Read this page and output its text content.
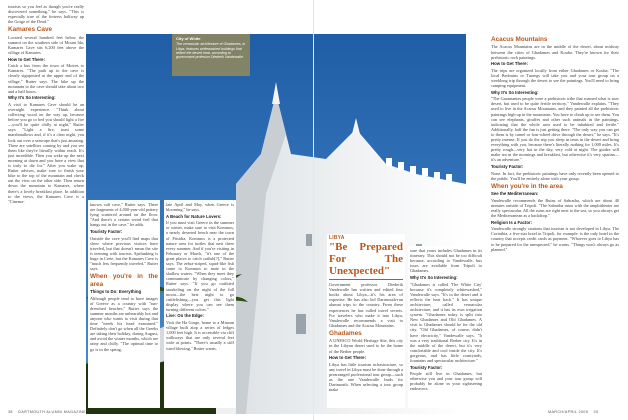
tourists so you feel as though you're really discovered something," he says. "This is especially true of the fortress halfway up the Gorge of the Dead."

Kamares Cave

Located several hundred feet below the summit on the southern side of Mount Ida, Kamares Cave sits 6,200 feet above the village of Kamares.

How to Get There:

Catch a bus from the town of Moires to Kamares. "The path up to the cave is clearly signposted at the upper end of the village," Rutter says. The hike up the mountain to the cave should take about two and a half hours.

Why It's So Interesting:

A visit to Kamares Cave should be an overnight experience. "Think about collecting wood on the way up, because before you go to bed you should light a fire—you'll be quite chilly at night," Rutter says. "Light a fire, toast some marshmallows and, if it's a clear night, you look out over a seascape that's just amazing. There are satellites coming by and you see them like they're literally within reach. It's just incredible. Then you wake up the next morning at dawn and you have a view that is truly to die for." After you wake up, Rutter advises, make sure to finish your hike to the top of the mountain and check out the view on the other side. Then return down the mountain to Kamares, where there's a lovely breakfast place. In addition to the views, the Kamares Cave is a "Cinema-

City of White
The vernacular architecture of Ghadames, in Libya, features whitewashed buildings that reflect the desert heat, according to government professor Diederik Vandewalle.
Crete, Greece

known cult cave," Rutter says. There are fragments of 4,000-year-old pottery lying scattered around on the floor. "And there's a certain weird feel that hangs out in the cave," he adds.

Touristy Factor:

Outside the cave you'll find maps that show where previous visitors have traveled, but that doesn't mean the site is teeming with tourists. Spelunking is huge in Crete, but the Kamares Cave is "much less frequently traveled," Rutter says.

When you're in the area

Things to Do: Everything

Although people tend to have images of Greece as a country with "sun-drenched beaches," Rutter says the summer months are unbearably hot and anyone who wants to visit during that time "needs his head examined." Definitely don't go when all the Greeks are taking their holiday, during August, and avoid the winter months, which are rainy and chilly. "The optimal time to go is in the spring,

late April and May, when Greece is blooming," he says.

A Beach for Nature Lovers:

If you must visit Greece in the summer or winter, make sure to visit Kommos, a nearly deserted beach near the town of Pitsidia. Kommos is a protected nature area for turtles that nest there every summer. And if you're visiting in February or March, "it's one of the great places to catch catfish[?]," Rutter says. The zebra-striped, squid-like fish come to Kommos to mate in the shallow waters. "When they meet they communicate by changing colors," Rutter says. "If you go outfitted snorkeling on the night of the full moon—the best night to go cuttlefishing—you get this light display where you can see them turning different colors."

Live: On the Edge:

Visit the Ha Gorge, home to a Minoan village built atop a series of ledges 1,000 feet high. It is accessible via cliff walkways that are only several feet wide at points. "There's usually a stiff wind blowing," Rutter warns.

LIBYA
"Be Prepared For The Unexpected"

Government professor Diederik Vandewalle has written and edited four books about Libya—it's his area of expertise. He has also led Dartmouth-run alumni trips to the country. From these experiences he has culled travel secrets. For travelers who make it into Libya, Vandewalle recommends a visit to Ghadames and the Acacus Mountains.

Ghadames

A UNESCO World Heritage Site, this city in the Libyan desert used to be the home of the Berber people.

How to Get There:

Libya has little tourism infrastructure, so any travel in Libya must be done through a prearranged professional tour group—such as the one Vandewalle leads for Dartmouth. When selecting a tour group make

sure that yours includes Ghadames in its itinerary. This should not be too difficult because, according to Vandewalle, bus tours are available from Tripoli to Ghadames.

Why It's So Interesting:

"Ghadames is called 'The White City' because it's completely whitewashed," Vandewalle says. "It's in the desert and it reflects the heat back." It has unique architecture, called vernacular architecture, and it has its own irrigation system. "Ghadames today is split into New Ghadames and Old Ghadames. A visit to Ghadames should be for the old city. "Old Ghadames, of course, didn't have electricity," Vandewalle says. "It was a very traditional Berber city. It's in the middle of the desert, but it's very comfortable and cool inside the city. It's gorgeous, and has little courtyards, fountains and spectacular architecture."

Touristy Factor:

People still live in Ghadames, but otherwise you and your tour group will probably be alone in your sightseeing endeavors.

Acacus Mountains

The Acacus Mountains are in the middle of the desert, about midway between the cities of Ghadames and Kouba. They're known for their prehistoric rock paintings.

How to Get There:

The trips are organized locally from either Ghadames or Kouba. "The local Bedouins or Tuaregs will take you and your tour group on a weeklong trip through the desert to see the paintings. You'll need to bring camping equipment.

Why It's So Interesting:

"The Garamantes people were a prehistoric tribe that roamed what is now desert, but used to be quite fertile territory," Vandewalle explains. "They used to live in the Acacus Mountains, and they painted all the prehistoric paintings high up in the mountains. You have to climb up to see them. You can see elephants, giraffes and other such animals in the paintings, indicating that the whole area used to be inhabited and fertile." Additionally, half the fun is just getting there. "The only way you can get to them is by camel or four-wheel drive through the desert," he says. "It's pretty intense. If you do the trip you sleep in tents in the desert and bring everything with you, because there's literally nothing for 1,000 miles. It's pretty rough—very hot in the day, very cold at night. The guides will make tea in the mornings and breakfast, but otherwise it's very spartan—it's an adventure."

Touristy Factor:

None. In fact, the prehistoric paintings have only recently been opened to the public. You'll be entirely alone with your group.

When you're in the area

See the Mediterranean:

Vandewalle recommends the Ruins of Sabratha, which are about 40 minutes outside of Tripoli. "The Sabratha ruins with the amphitheater are really spectacular. All the ruins are right next to the sea, so you always get the Mediterranean as a backdrop."

Religion Is a Factor:

Vandewalle strongly cautions that tourism is not developed in Libya. The Corinthia, a five-star hotel in Tripoli, for example, is the only hotel in the country that accepts credit cards as payment. "Whoever goes to Libya has to be prepared for the unexpected," he warns. "Things won't always go as planned."

38 DARTMOUTH ALUMNI MAGAZINE	MARCH/APRIL 2009 39
